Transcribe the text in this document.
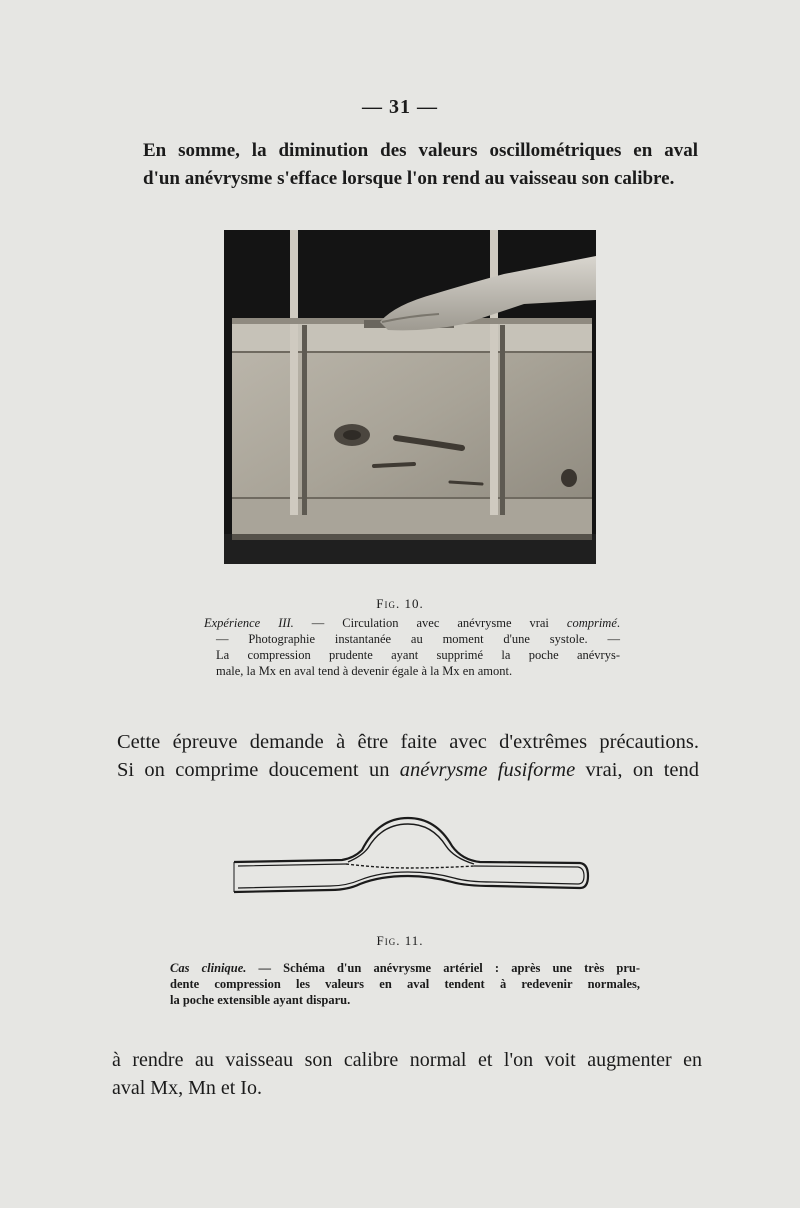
— 31 —
En somme, la diminution des valeurs oscillométriques en aval
d'un anévrysme s'efface lorsque l'on rend au vaisseau son calibre.
Fig. 10.
Expérience III. — Circulation avec anévrysme vrai comprimé.
— Photographie instantanée au moment d'une systole. —
La compression prudente ayant supprimé la poche anévrys-
male, la Mx en aval tend à devenir égale à la Mx en amont.
Cette épreuve demande à être faite avec d'extrêmes précautions.
Si on comprime doucement un anévrysme fusiforme vrai, on tend
Fig. 11.
Cas clinique. — Schéma d'un anévrysme artériel : après une très pru-
dente compression les valeurs en aval tendent à redevenir normales,
la poche extensible ayant disparu.
à rendre au vaisseau son calibre normal et l'on voit augmenter en
aval Mx, Mn et Io.
